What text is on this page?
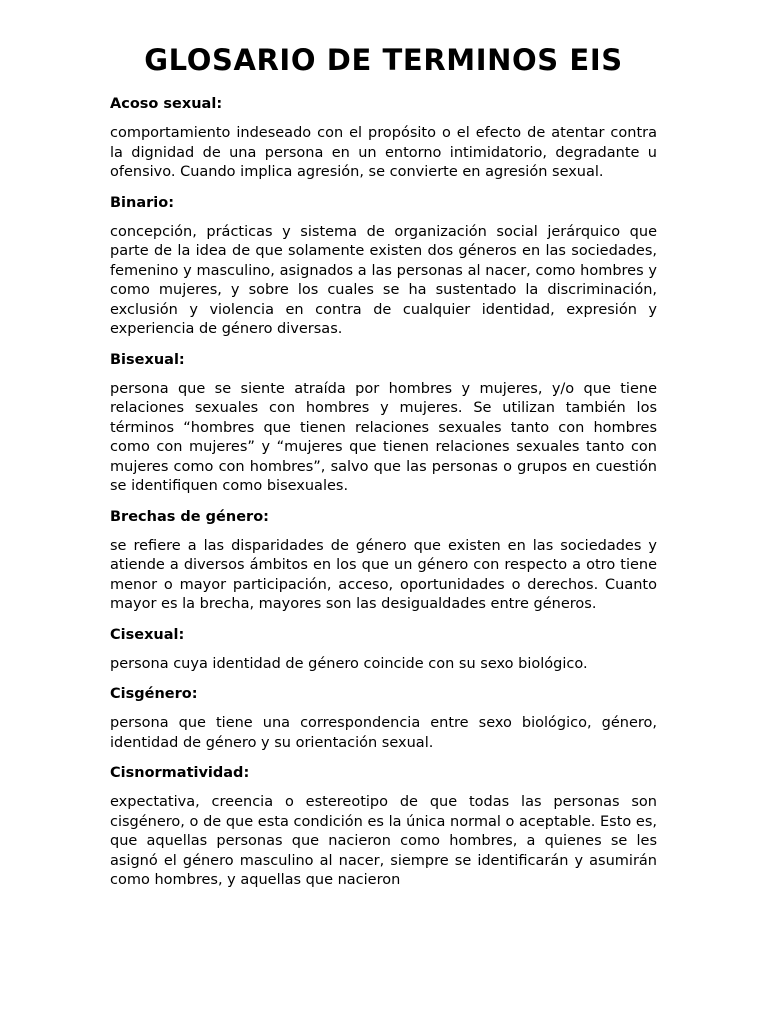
GLOSARIO DE TERMINOS EIS
Acoso sexual:

comportamiento indeseado con el propósito o el efecto de atentar contra la dignidad de una persona en un entorno intimidatorio, degradante u ofensivo. Cuando implica agresión, se convierte en agresión sexual.

Binario:

concepción, prácticas y sistema de organización social jerárquico que parte de la idea de que solamente existen dos géneros en las sociedades, femenino y masculino, asignados a las personas al nacer, como hombres y como mujeres, y sobre los cuales se ha sustentado la discriminación, exclusión y violencia en contra de cualquier identidad, expresión y experiencia de género diversas.

Bisexual:

persona que se siente atraída por hombres y mujeres, y/o que tiene relaciones sexuales con hombres y mujeres. Se utilizan también los términos “hombres que tienen relaciones sexuales tanto con hombres como con mujeres” y “mujeres que tienen relaciones sexuales tanto con mujeres como con hombres”, salvo que las personas o grupos en cuestión se identifiquen como bisexuales.

Brechas de género:

se refiere a las disparidades de género que existen en las sociedades y atiende a diversos ámbitos en los que un género con respecto a otro tiene menor o mayor participación, acceso, oportunidades o derechos. Cuanto mayor es la brecha, mayores son las desigualdades entre géneros.

Cisexual:

persona cuya identidad de género coincide con su sexo biológico.

Cisgénero:

persona que tiene una correspondencia entre sexo biológico, género, identidad de género y su orientación sexual.

Cisnormatividad:

expectativa, creencia o estereotipo de que todas las personas son cisgénero, o de que esta condición es la única normal o aceptable. Esto es, que aquellas personas que nacieron como hombres, a quienes se les asignó el género masculino al nacer, siempre se identificarán y asumirán como hombres, y aquellas que nacieron
